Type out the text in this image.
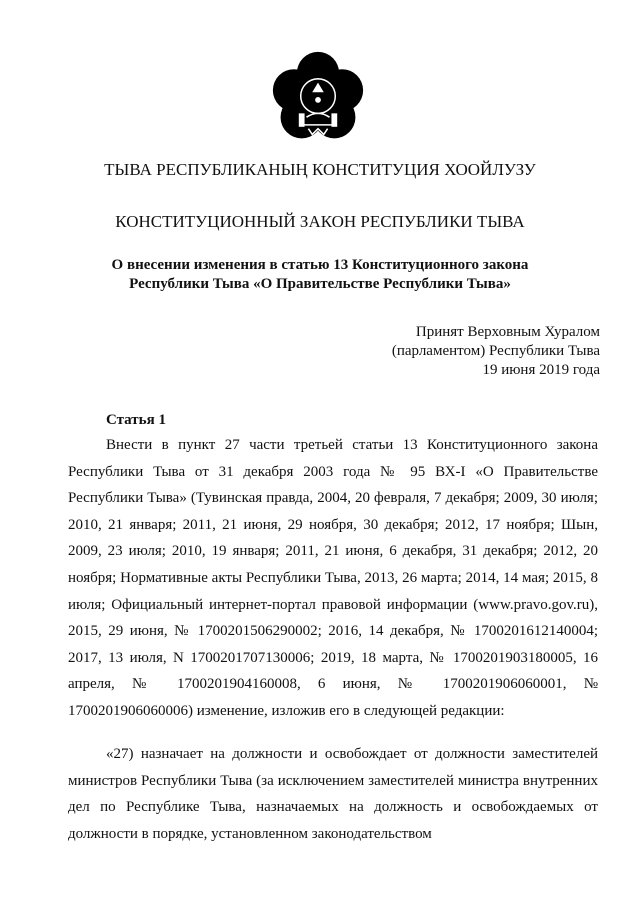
ТЫВА РЕСПУБЛИКАНЫҢ КОНСТИТУЦИЯ ХООЙЛУЗУ
КОНСТИТУЦИОННЫЙ ЗАКОН РЕСПУБЛИКИ ТЫВА
О внесении изменения в статью 13 Конституционного закона Республики Тыва «О Правительстве Республики Тыва»
Принят Верховным Хуралом
(парламентом) Республики Тыва
19 июня 2019 года
Статья 1

Внести в пункт 27 части третьей статьи 13 Конституционного закона Республики Тыва от 31 декабря 2003 года № 95 ВХ-I «О Правительстве Республики Тыва» (Тувинская правда, 2004, 20 февраля, 7 декабря; 2009, 30 июля; 2010, 21 января; 2011, 21 июня, 29 ноября, 30 декабря; 2012, 17 ноября; Шын, 2009, 23 июля; 2010, 19 января; 2011, 21 июня, 6 декабря, 31 декабря; 2012, 20 ноября; Нормативные акты Республики Тыва, 2013, 26 марта; 2014, 14 мая; 2015, 8 июля; Официальный интернет-портал правовой информации (www.pravo.gov.ru), 2015, 29 июня, № 1700201506290002; 2016, 14 декабря, № 1700201612140004; 2017, 13 июля, N 1700201707130006; 2019, 18 марта, № 1700201903180005, 16 апреля, № 1700201904160008, 6 июня, № 1700201906060001, № 1700201906060006) изменение, изложив его в следующей редакции:

«27) назначает на должности и освобождает от должности заместителей министров Республики Тыва (за исключением заместителей министра внутренних дел по Республике Тыва, назначаемых на должность и освобождаемых от должности в порядке, установленном законодательством
